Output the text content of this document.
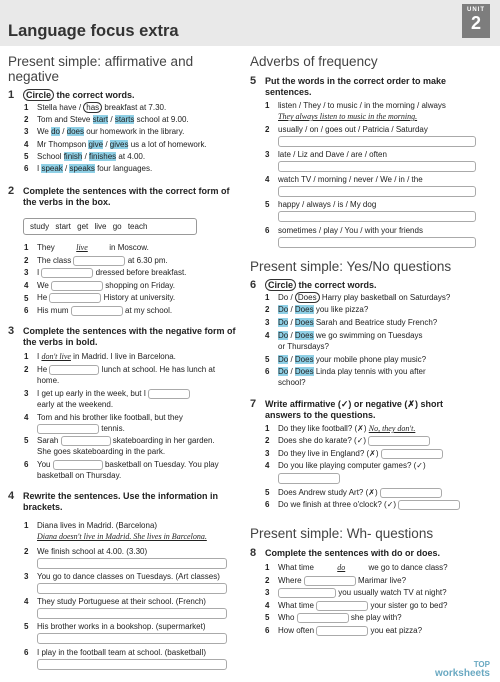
Language focus extra
UNIT
2
Present simple: affirmative and negative
1	Circle the correct words.
2 Complete the sentences with the correct form of the verbs in the box.
study start get live go teach
3 Complete the sentences with the negative form of the verbs in bold.
4 Rewrite the sentences. Use the information in brackets.
Adverbs of frequency
5 Put the words in the correct order to make sentences.
Present simple: Yes/No questions
6	Circle the correct words.
7 Write affirmative (✓) or negative (✗) short answers to the questions.
Present simple: Wh- questions
8 Complete the sentences with do or does.
TOP
worksheets
1 Stella have / has breakfast at 7.30.
2 Tom and Steve start / starts school at 9.00.
3 We do / does our homework in the library.
4 Mr Thompson give / gives us a lot of homework.
5 School finish / finishes at 4.00.
6 I speak / speaks four languages.
1 They live in Moscow.
2 The class	at 6.30 pm.
3 I	dressed before breakfast.
4 We	shopping on Friday.
5 He	History at university.
6 His mum	at my school.
1 I don't live in Madrid. I live in Barcelona.
2 He	lunch at school. He has lunch at
home.
3 I get up early in the week, but I
early at the weekend.
4 Tom and his brother like football, but they
tennis.
5 Sarah	skateboarding in her garden.
She goes skateboarding in the park.
6 You	basketball on Tuesday. You play
basketball on Thursday.
1 Diana lives in Madrid. (Barcelona)
Diana doesn't live in Madrid. She lives in Barcelona.
2 We finish school at 4.00. (3.30)
3 You go to dance classes on Tuesdays. (Art classes)
4 They study Portuguese at their school. (French)
5 His brother works in a bookshop. (supermarket)
6 I play in the football team at school. (basketball)
1 listen / They / to music / in the morning / always
They always listen to music in the morning.
2 usually / on / goes out / Patricia / Saturday
3 late / Liz and Dave / are / often
4 watch TV / morning / never / We / in / the
5 happy / always / is / My dog
6 sometimes / play / You / with your friends
1 Do / Does Harry play basketball on Saturdays?
2 Do / Does you like pizza?
3 Do / Does Sarah and Beatrice study French?
4 Do / Does we go swimming on Tuesdays
or Thursdays?
5 Do / Does your mobile phone play music?
6 Do / Does Linda play tennis with you after
school?
1 Do they like football? (✗) No, they don't.
2 Does she do karate? (✓)
3 Do they live in England? (✗)
4 Do you like playing computer games? (✓)
5 Does Andrew study Art? (✗)
6 Do we finish at three o'clock? (✓)
1 What time	do	we go to dance class?
2 Where	Marimar live?
3	you usually watch TV at night?
4 What time	your sister go to bed?
5 Who	she play with?
6 How often	you eat pizza?
